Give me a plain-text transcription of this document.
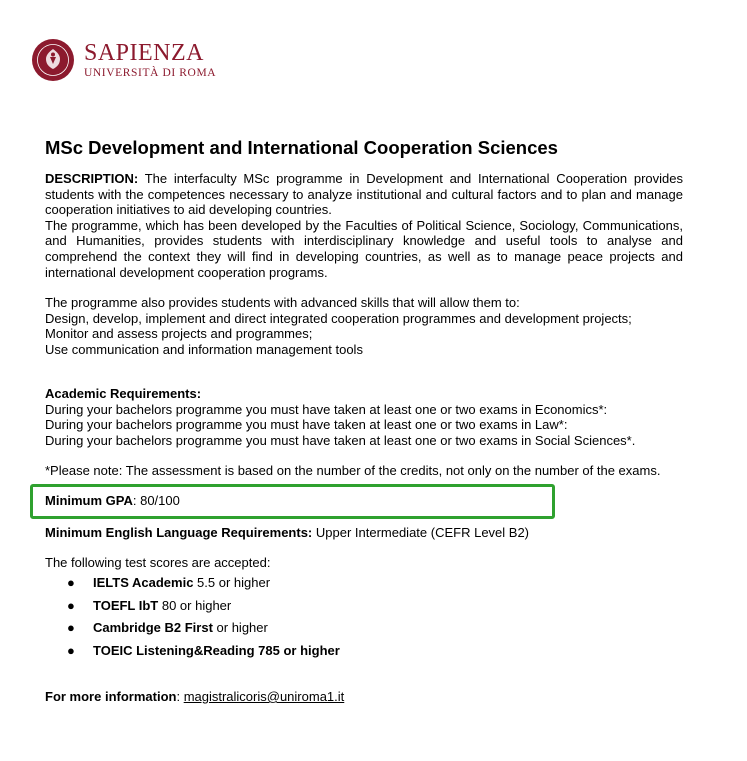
SAPIENZA
UNIVERSITÀ DI ROMA
MSc Development and International Cooperation Sciences
DESCRIPTION: The interfaculty MSc programme in Development and International Cooperation provides
students with the competences necessary to analyze institutional and cultural factors and to plan and manage
cooperation initiatives to aid developing countries.
The programme, which has been developed by the Faculties of Political Science, Sociology, Communications,
and Humanities, provides students with interdisciplinary knowledge and useful tools to analyse and
comprehend the context they will find in developing countries, as well as to manage peace projects and
international development cooperation programs.
The programme also provides students with advanced skills that will allow them to:
Design, develop, implement and direct integrated cooperation programmes and development projects;
Monitor and assess projects and programmes;
Use communication and information management tools
Academic Requirements:
During your bachelors programme you must have taken at least one or two exams in Economics*:
During your bachelors programme you must have taken at least one or two exams in Law*:
During your bachelors programme you must have taken at least one or two exams in Social Sciences*.
*Please note: The assessment is based on the number of the credits, not only on the number of the exams.
Minimum GPA: 80/100
Minimum English Language Requirements: Upper Intermediate (CEFR Level B2)
The following test scores are accepted:
● IELTS Academic 5.5 or higher
● TOEFL IbT 80 or higher
● Cambridge B2 First or higher
● TOEIC Listening&Reading 785 or higher
For more information: magistralicoris@uniroma1.it
